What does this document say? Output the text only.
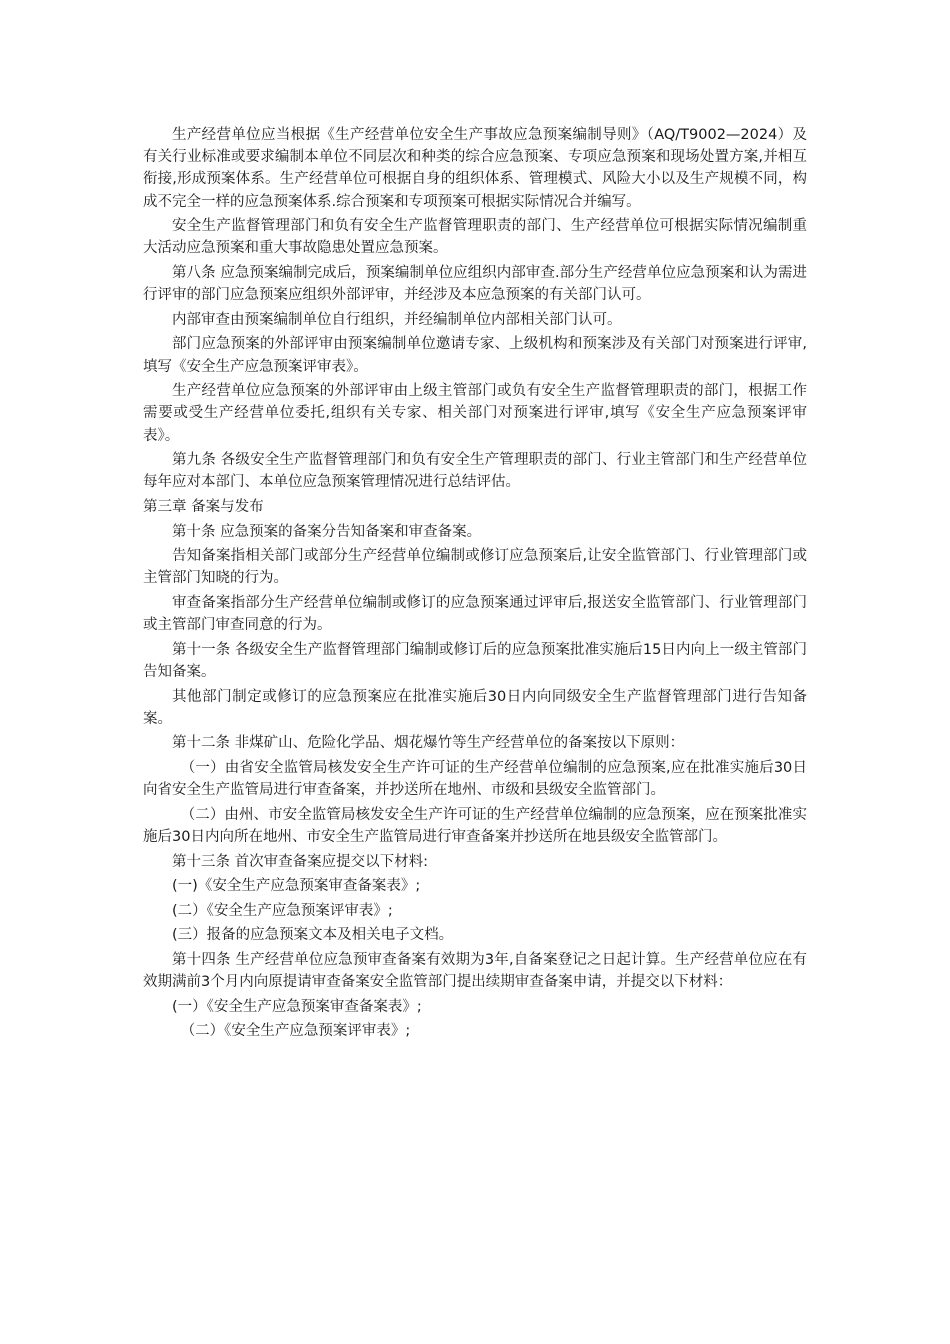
生产经营单位应当根据《生产经营单位安全生产事故应急预案编制导则》（AQ/T9002—2024）及有关行业标准或要求编制本单位不同层次和种类的综合应急预案、专项应急预案和现场处置方案,并相互衔接,形成预案体系。生产经营单位可根据自身的组织体系、管理模式、风险大小以及生产规模不同，构成不完全一样的应急预案体系.综合预案和专项预案可根据实际情况合并编写。

安全生产监督管理部门和负有安全生产监督管理职责的部门、生产经营单位可根据实际情况编制重大活动应急预案和重大事故隐患处置应急预案。

第八条 应急预案编制完成后，预案编制单位应组织内部审查.部分生产经营单位应急预案和认为需进行评审的部门应急预案应组织外部评审，并经涉及本应急预案的有关部门认可。

内部审查由预案编制单位自行组织，并经编制单位内部相关部门认可。

部门应急预案的外部评审由预案编制单位邀请专家、上级机构和预案涉及有关部门对预案进行评审,填写《安全生产应急预案评审表》。

生产经营单位应急预案的外部评审由上级主管部门或负有安全生产监督管理职责的部门，根据工作需要或受生产经营单位委托,组织有关专家、相关部门对预案进行评审,填写《安全生产应急预案评审表》。

第九条 各级安全生产监督管理部门和负有安全生产管理职责的部门、行业主管部门和生产经营单位每年应对本部门、本单位应急预案管理情况进行总结评估。

第三章 备案与发布

第十条 应急预案的备案分告知备案和审查备案。

告知备案指相关部门或部分生产经营单位编制或修订应急预案后,让安全监管部门、行业管理部门或主管部门知晓的行为。

审查备案指部分生产经营单位编制或修订的应急预案通过评审后,报送安全监管部门、行业管理部门或主管部门审查同意的行为。

第十一条 各级安全生产监督管理部门编制或修订后的应急预案批准实施后15日内向上一级主管部门告知备案。

其他部门制定或修订的应急预案应在批准实施后30日内向同级安全生产监督管理部门进行告知备案。

第十二条 非煤矿山、危险化学品、烟花爆竹等生产经营单位的备案按以下原则：

（一）由省安全监管局核发安全生产许可证的生产经营单位编制的应急预案,应在批准实施后30日向省安全生产监管局进行审查备案，并抄送所在地州、市级和县级安全监管部门。

（二）由州、市安全监管局核发安全生产许可证的生产经营单位编制的应急预案，应在预案批准实施后30日内向所在地州、市安全生产监管局进行审查备案并抄送所在地县级安全监管部门。

第十三条 首次审查备案应提交以下材料:

(一)《安全生产应急预案审查备案表》;

(二）《安全生产应急预案评审表》;

(三）报备的应急预案文本及相关电子文档。

第十四条 生产经营单位应急预审查备案有效期为3年,自备案登记之日起计算。生产经营单位应在有效期满前3个月内向原提请审查备案安全监管部门提出续期审查备案申请，并提交以下材料：

(一）《安全生产应急预案审查备案表》;

（二）《安全生产应急预案评审表》;
